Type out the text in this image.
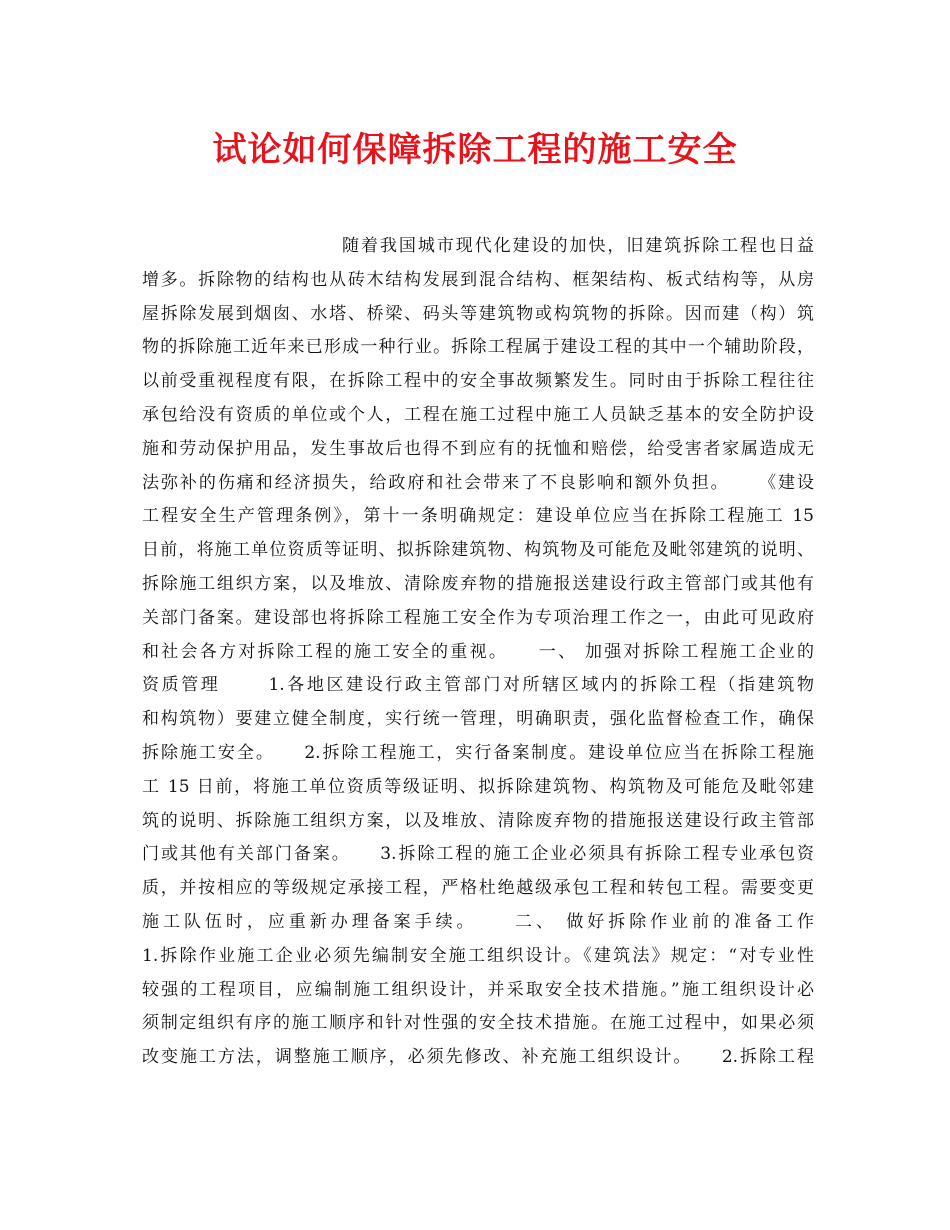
试论如何保障拆除工程的施工安全
随着我国城市现代化建设的加快，旧建筑拆除工程也日益
增多。拆除物的结构也从砖木结构发展到混合结构、框架结构、板式结构等，从房
屋拆除发展到烟囱、水塔、桥梁、码头等建筑物或构筑物的拆除。因而建（构）筑
物的拆除施工近年来已形成一种行业。拆除工程属于建设工程的其中一个辅助阶段，
以前受重视程度有限，在拆除工程中的安全事故频繁发生。同时由于拆除工程往往
承包给没有资质的单位或个人，工程在施工过程中施工人员缺乏基本的安全防护设
施和劳动保护用品，发生事故后也得不到应有的抚恤和赔偿，给受害者家属造成无
法弥补的伤痛和经济损失，给政府和社会带来了不良影响和额外负担。    《建设
工程安全生产管理条例》，第十一条明确规定：建设单位应当在拆除工程施工 15
日前，将施工单位资质等证明、拟拆除建筑物、构筑物及可能危及毗邻建筑的说明、
拆除施工组织方案，以及堆放、清除废弃物的措施报送建设行政主管部门或其他有
关部门备案。建设部也将拆除工程施工安全作为专项治理工作之一，由此可见政府
和社会各方对拆除工程的施工安全的重视。    一、 加强对拆除工程施工企业的
资质管理      1.各地区建设行政主管部门对所辖区域内的拆除工程（指建筑物
和构筑物）要建立健全制度，实行统一管理，明确职责，强化监督检查工作，确保
拆除施工安全。    2.拆除工程施工，实行备案制度。建设单位应当在拆除工程施
工 15 日前，将施工单位资质等级证明、拟拆除建筑物、构筑物及可能危及毗邻建
筑的说明、拆除施工组织方案，以及堆放、清除废弃物的措施报送建设行政主管部
门或其他有关部门备案。    3.拆除工程的施工企业必须具有拆除工程专业承包资
质，并按相应的等级规定承接工程，严格杜绝越级承包工程和转包工程。需要变更
施工队伍时，应重新办理备案手续。    二、 做好拆除作业前的准备工作
1.拆除作业施工企业必须先编制安全施工组织设计。《建筑法》规定：“对专业性
较强的工程项目，应编制施工组织设计，并采取安全技术措施。”施工组织设计必
须制定组织有序的施工顺序和针对性强的安全技术措施。在施工过程中，如果必须
改变施工方法，调整施工顺序，必须先修改、补充施工组织设计。    2.拆除工程
